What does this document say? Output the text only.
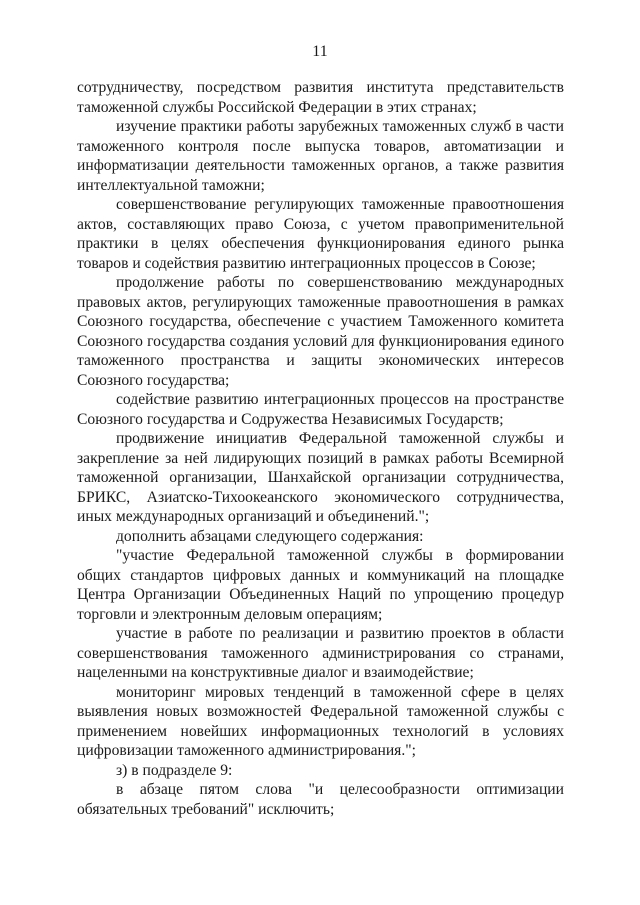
11

сотрудничеству, посредством развития института представительств таможенной службы Российской Федерации в этих странах;

изучение практики работы зарубежных таможенных служб в части таможенного контроля после выпуска товаров, автоматизации и информатизации деятельности таможенных органов, а также развития интеллектуальной таможни;

совершенствование регулирующих таможенные правоотношения актов, составляющих право Союза, с учетом правоприменительной практики в целях обеспечения функционирования единого рынка товаров и содействия развитию интеграционных процессов в Союзе;

продолжение работы по совершенствованию международных правовых актов, регулирующих таможенные правоотношения в рамках Союзного государства, обеспечение с участием Таможенного комитета Союзного государства создания условий для функционирования единого таможенного пространства и защиты экономических интересов Союзного государства;

содействие развитию интеграционных процессов на пространстве Союзного государства и Содружества Независимых Государств;

продвижение инициатив Федеральной таможенной службы и закрепление за ней лидирующих позиций в рамках работы Всемирной таможенной организации, Шанхайской организации сотрудничества, БРИКС, Азиатско-Тихоокеанского экономического сотрудничества, иных международных организаций и объединений.";

дополнить абзацами следующего содержания:

"участие Федеральной таможенной службы в формировании общих стандартов цифровых данных и коммуникаций на площадке Центра Организации Объединенных Наций по упрощению процедур торговли и электронным деловым операциям;

участие в работе по реализации и развитию проектов в области совершенствования таможенного администрирования со странами, нацеленными на конструктивные диалог и взаимодействие;

мониторинг мировых тенденций в таможенной сфере в целях выявления новых возможностей Федеральной таможенной службы с применением новейших информационных технологий в условиях цифровизации таможенного администрирования.";

з) в подразделе 9:

в абзаце пятом слова "и целесообразности оптимизации обязательных требований" исключить;
